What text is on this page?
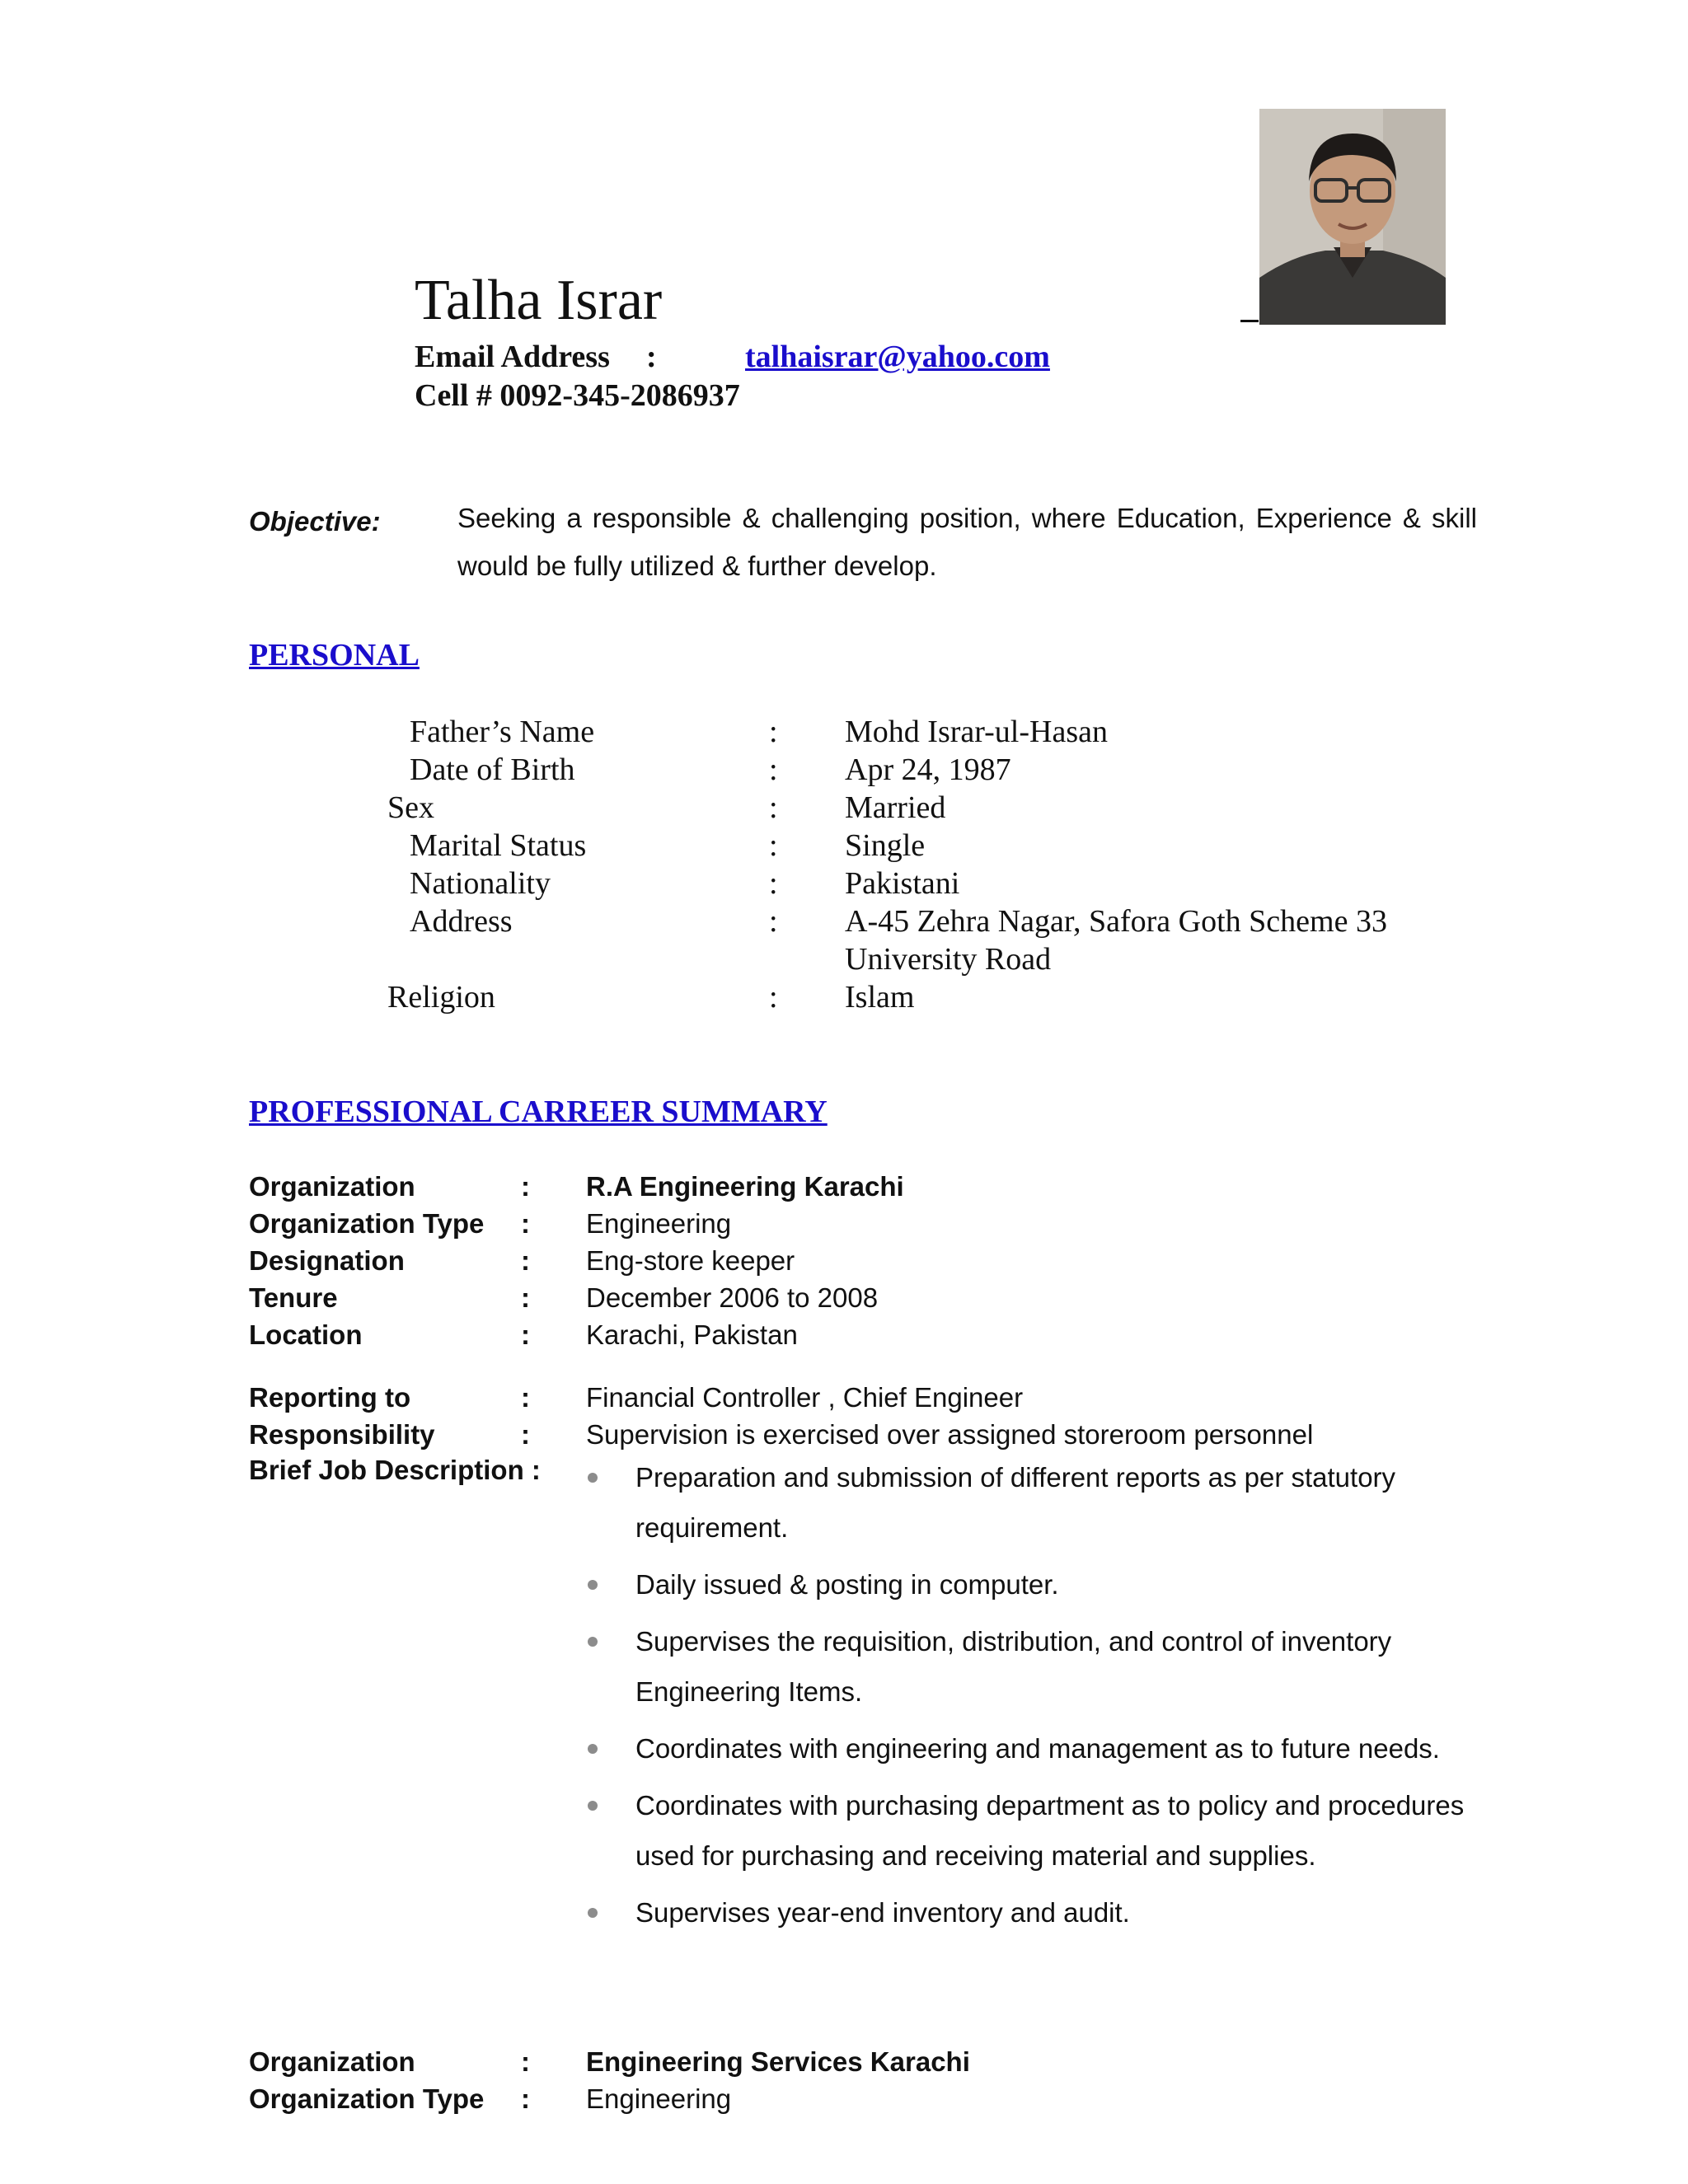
Talha Israr
Email Address :	talhaisrar@yahoo.com
Cell # 0092-345-2086937
Objective:	Seeking a responsible & challenging position, where Education, Experience & skill would be fully utilized & further develop.
PERSONAL
Father’s Name	: Mohd Israr-ul-Hasan
Date of Birth	: Apr 24, 1987
Sex	: Married
Marital Status	: Single
Nationality	: Pakistani
Address	: A-45 Zehra Nagar, Safora Goth Scheme 33
University Road
Religion	: Islam
PROFESSIONAL CARREER SUMMARY
Organization	: R.A Engineering Karachi
Organization Type : Engineering
Designation	: Eng-store keeper
Tenure	: December 2006 to 2008
Location	: Karachi, Pakistan
Reporting to	: Financial Controller , Chief Engineer
Responsibility	: Supervision is exercised over assigned storeroom personnel
Brief Job Description :	Preparation and submission of different reports as per statutory requirement.
Daily issued & posting in computer.
Supervises the requisition, distribution, and control of inventory Engineering Items.
Coordinates with engineering and management as to future needs.
Coordinates with purchasing department as to policy and procedures used for purchasing and receiving material and supplies.
Supervises year-end inventory and audit.
Organization	: Engineering Services Karachi
Organization Type : Engineering
